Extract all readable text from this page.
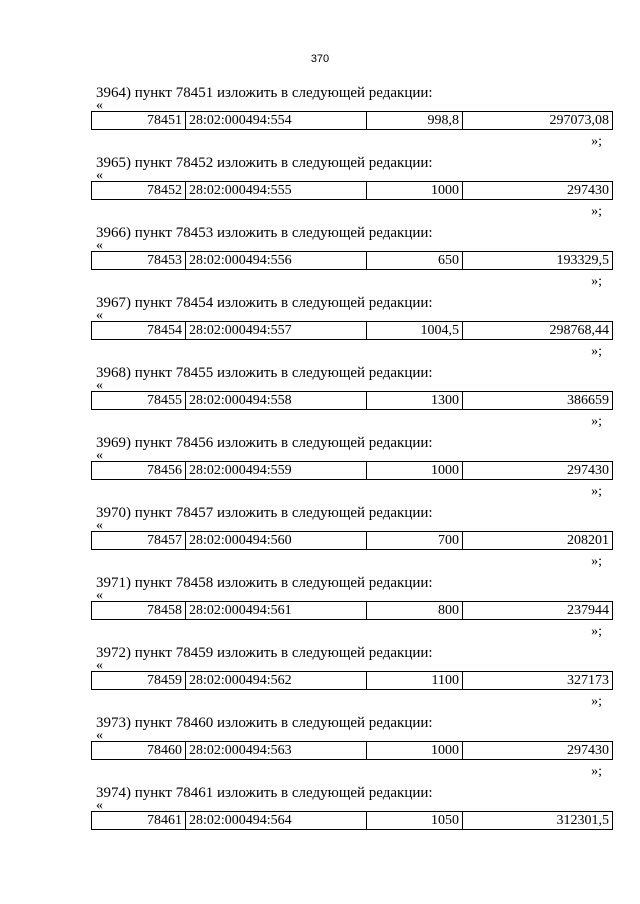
370
3964) пункт 78451 изложить в следующей редакции:
«
78451	28:02:000494:554	998,8	297073,08
»;
3965) пункт 78452 изложить в следующей редакции:
«
78452	28:02:000494:555	1000	297430
»;
3966) пункт 78453 изложить в следующей редакции:
«
78453	28:02:000494:556	650	193329,5
»;
3967) пункт 78454 изложить в следующей редакции:
«
78454	28:02:000494:557	1004,5	298768,44
»;
3968) пункт 78455 изложить в следующей редакции:
«
78455	28:02:000494:558	1300	386659
»;
3969) пункт 78456 изложить в следующей редакции:
«
78456	28:02:000494:559	1000	297430
»;
3970) пункт 78457 изложить в следующей редакции:
«
78457	28:02:000494:560	700	208201
»;
3971) пункт 78458 изложить в следующей редакции:
«
78458	28:02:000494:561	800	237944
»;
3972) пункт 78459 изложить в следующей редакции:
«
78459	28:02:000494:562	1100	327173
»;
3973) пункт 78460 изложить в следующей редакции:
«
78460	28:02:000494:563	1000	297430
»;
3974) пункт 78461 изложить в следующей редакции:
«
78461	28:02:000494:564	1050	312301,5
